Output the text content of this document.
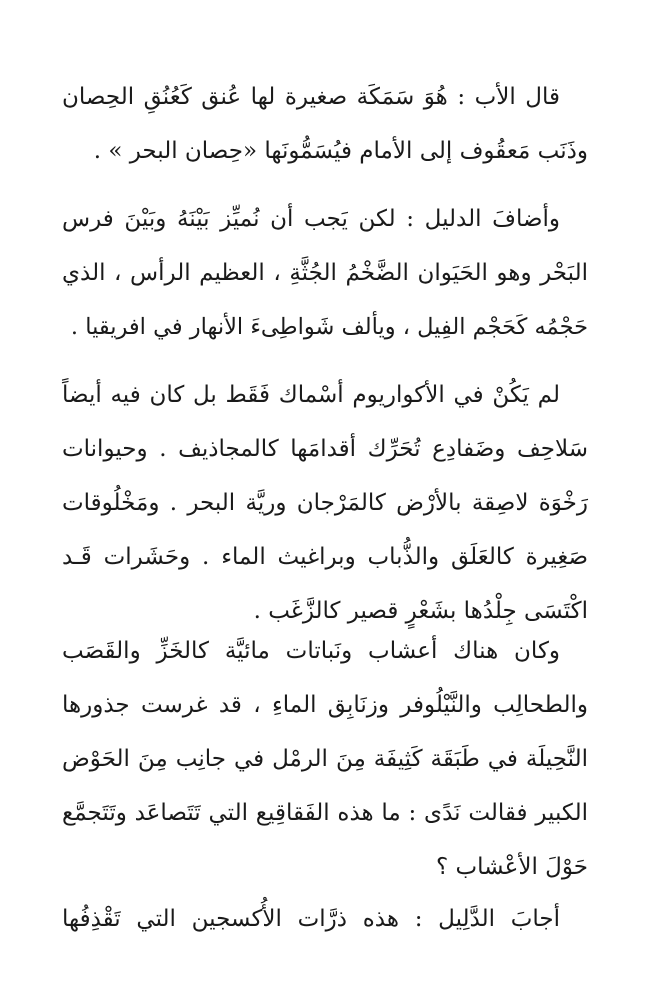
قال الأب : هُوَ سَمَكَة صغيرة لها عُنق كَعُنُقِ الحِصان
وذَنَب مَعقُوف إلى الأمام فيُسَمُّونَها «حِصان البحر » .
وأضافَ الدليل : لكن يَجب أن نُميِّز بَيْنَهُ وبَيْنَ فرس
البَحْر وهو الحَيَوان الضَّخْمُ الجُثَّةِ ، العظيم الرأس ، الذي
حَجْمُه كَحَجْم الفِيل ، ويألف شَواطِىءَ الأنهار في افريقيا .
لم يَكُنْ في الأكواريوم أسْماك فَقَط بل كان فيه أيضاً
سَلاحِف وضَفادِع تُحَرِّك أقدامَها كالمجاذيف . وحيوانات
رَخْوَة لاصِقة بالأرْض كالمَرْجان وريَّة البحر . ومَخْلُوقات
صَغِيرة كالعَلَق والذُّباب وبراغيث الماء . وحَشَرات قَـد
اكْتَسَى جِلْدُها بشَعْرٍ قصير كالزَّغَب .
وكان هناك أعشاب ونَباتات مائيَّة كالخَزِّ والقَصَب
والطحالِب والنَّيْلُوفر وزنَابِق الماءِ ، قد غرست جذورها
النَّحِيلَة في طَبَقَة كَثِيفَة مِنَ الرمْل في جانِب مِنَ الحَوْض
الكبير فقالت نَدًى : ما هذه الفَقاقِيع التي تَتَصاعَد وتَتَجمَّع
حَوْلَ الأعْشاب ؟
أجابَ الدَّلِيل : هذه ذرَّات الأُكسجين التي تَقْذِفُها
